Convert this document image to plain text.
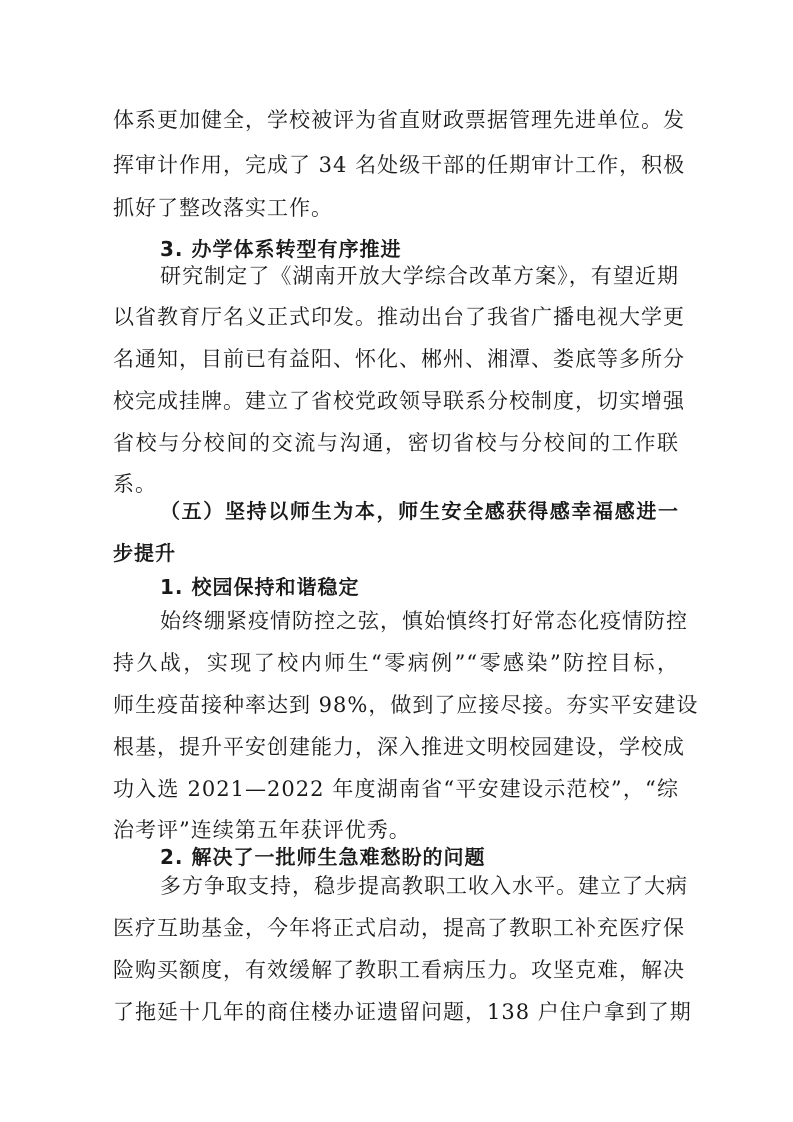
体系更加健全，学校被评为省直财政票据管理先进单位。发
挥审计作用，完成了 34 名处级干部的任期审计工作，积极
抓好了整改落实工作。
3. 办学体系转型有序推进
研究制定了《湖南开放大学综合改革方案》，有望近期
以省教育厅名义正式印发。推动出台了我省广播电视大学更
名通知，目前已有益阳、怀化、郴州、湘潭、娄底等多所分
校完成挂牌。建立了省校党政领导联系分校制度，切实增强
省校与分校间的交流与沟通，密切省校与分校间的工作联
系。
（五）坚持以师生为本，师生安全感获得感幸福感进一
步提升
1. 校园保持和谐稳定
始终绷紧疫情防控之弦，慎始慎终打好常态化疫情防控
持久战，实现了校内师生“零病例”“零感染”防控目标，
师生疫苗接种率达到 98%，做到了应接尽接。夯实平安建设
根基，提升平安创建能力，深入推进文明校园建设，学校成
功入选 2021—2022 年度湖南省“平安建设示范校”，“综
治考评”连续第五年获评优秀。
2. 解决了一批师生急难愁盼的问题
多方争取支持，稳步提高教职工收入水平。建立了大病
医疗互助基金，今年将正式启动，提高了教职工补充医疗保
险购买额度，有效缓解了教职工看病压力。攻坚克难，解决
了拖延十几年的商住楼办证遗留问题，138 户住户拿到了期
